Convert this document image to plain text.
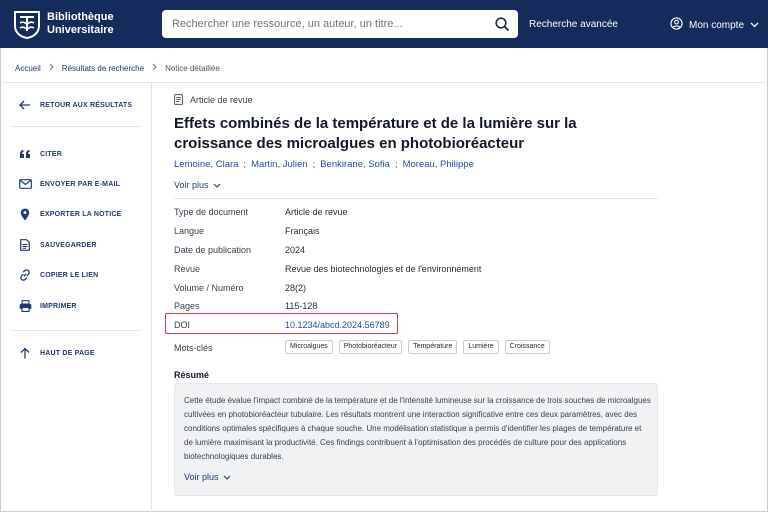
Bibliothèque
Universitaire
Rechercher une ressource, un auteur, un titre...	Recherche avancée	Mon compte
Accueil	Résultats de recherche	Notice détaillée
RETOUR AUX RÉSULTATS
CITER
ENVOYER PAR E-MAIL
EXPORTER LA NOTICE
SAUVEGARDER
COPIER LE LIEN
IMPRIMER
HAUT DE PAGE
Article de revue
Effets combinés de la température et de la lumière sur la croissance des microalgues en photobioréacteur
Lemoine, Clara ; Martin, Julien ; Benkirane, Sofia ; Moreau, Philippe
Voir plus
Type de document	Article de revue
Langue	Français
Date de publication	2024
Revue	Revue des biotechnologies et de l'environnement
Volume / Numéro	28(2)
Pages	115-128
DOI	10.1234/abcd.2024.56789
Mots-clés	Microalgues	Photobioréacteur	Température	Lumière	Croissance
Résumé

Cette étude évalue l'impact combiné de la température et de l'intensité lumineuse sur la croissance de trois souches de microalgues cultivées en photobioréacteur tubulaire. Les résultats montrent une interaction significative entre ces deux paramètres, avec des conditions optimales spécifiques à chaque souche. Une modélisation statistique a permis d'identifier les plages de température et de lumière maximisant la productivité. Ces findings contribuent à l'optimisation des procédés de culture pour des applications biotechnologiques durables.

Voir plus
